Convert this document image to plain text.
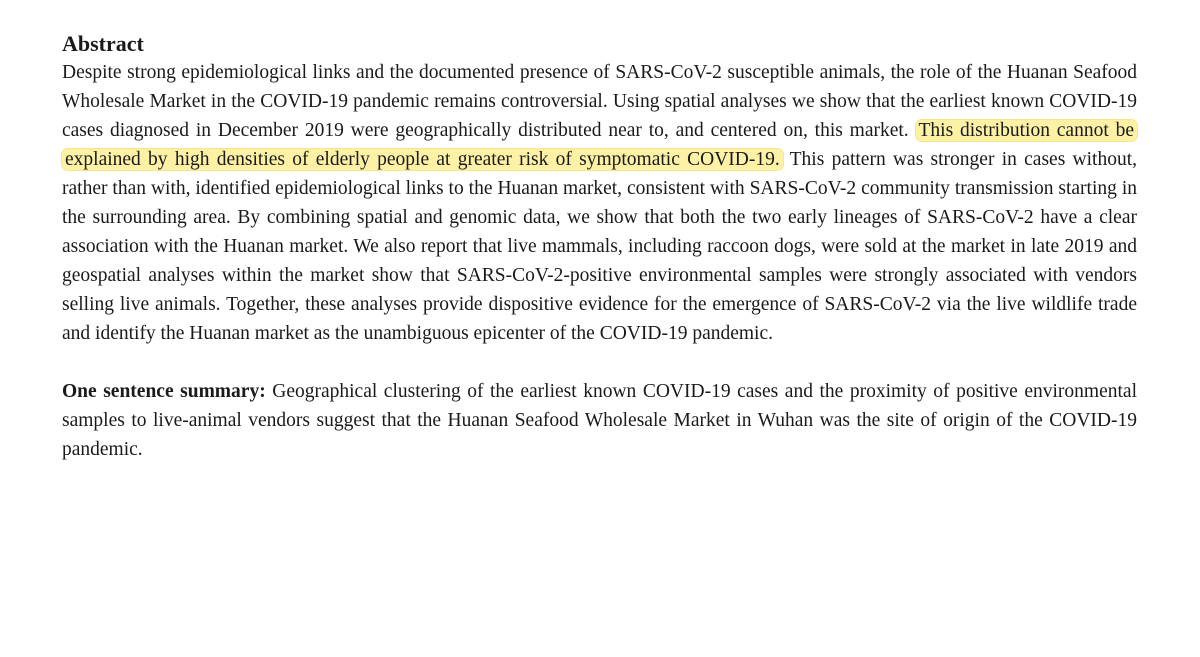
Abstract

Despite strong epidemiological links and the documented presence of SARS-CoV-2 susceptible animals, the role of the Huanan Seafood Wholesale Market in the COVID-19 pandemic remains controversial. Using spatial analyses we show that the earliest known COVID-19 cases diagnosed in December 2019 were geographically distributed near to, and centered on, this market. This distribution cannot be explained by high densities of elderly people at greater risk of symptomatic COVID-19. This pattern was stronger in cases without, rather than with, identified epidemiological links to the Huanan market, consistent with SARS-CoV-2 community transmission starting in the surrounding area. By combining spatial and genomic data, we show that both the two early lineages of SARS-CoV-2 have a clear association with the Huanan market. We also report that live mammals, including raccoon dogs, were sold at the market in late 2019 and geospatial analyses within the market show that SARS-CoV-2-positive environmental samples were strongly associated with vendors selling live animals. Together, these analyses provide dispositive evidence for the emergence of SARS-CoV-2 via the live wildlife trade and identify the Huanan market as the unambiguous epicenter of the COVID-19 pandemic.

One sentence summary: Geographical clustering of the earliest known COVID-19 cases and the proximity of positive environmental samples to live-animal vendors suggest that the Huanan Seafood Wholesale Market in Wuhan was the site of origin of the COVID-19 pandemic.
